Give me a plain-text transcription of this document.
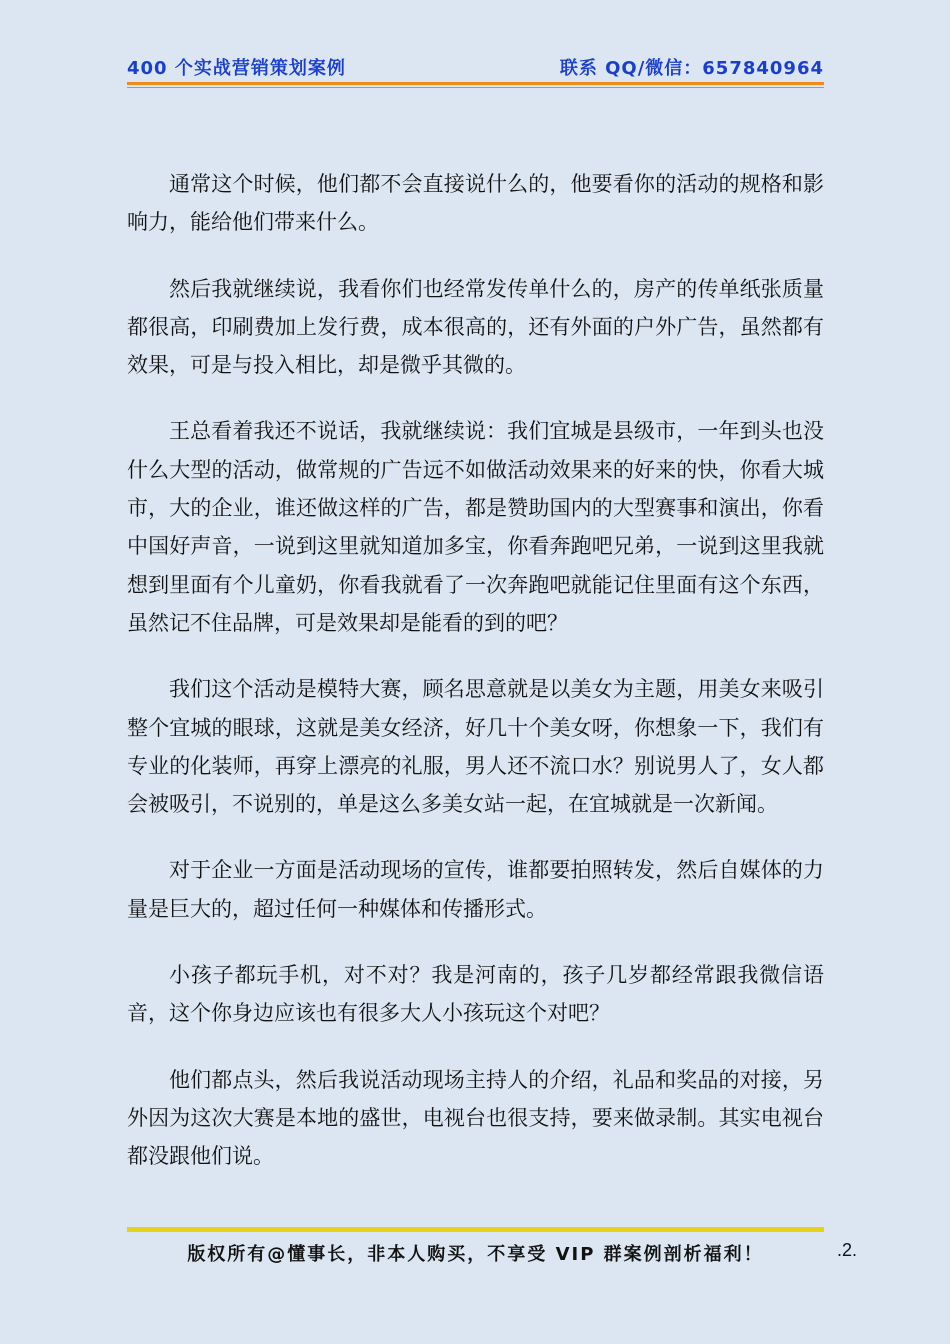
400 个实战营销策划案例	联系 QQ/微信：657840964

通常这个时候，他们都不会直接说什么的，他要看你的活动的规格和影响力，能给他们带来什么。

然后我就继续说，我看你们也经常发传单什么的，房产的传单纸张质量都很高，印刷费加上发行费，成本很高的，还有外面的户外广告，虽然都有效果，可是与投入相比，却是微乎其微的。

王总看着我还不说话，我就继续说：我们宜城是县级市，一年到头也没什么大型的活动，做常规的广告远不如做活动效果来的好来的快，你看大城市，大的企业，谁还做这样的广告，都是赞助国内的大型赛事和演出，你看中国好声音，一说到这里就知道加多宝，你看奔跑吧兄弟，一说到这里我就想到里面有个儿童奶，你看我就看了一次奔跑吧就能记住里面有这个东西，虽然记不住品牌，可是效果却是能看的到的吧？

我们这个活动是模特大赛，顾名思意就是以美女为主题，用美女来吸引整个宜城的眼球，这就是美女经济，好几十个美女呀，你想象一下，我们有专业的化装师，再穿上漂亮的礼服，男人还不流口水？别说男人了，女人都会被吸引，不说别的，单是这么多美女站一起，在宜城就是一次新闻。

对于企业一方面是活动现场的宣传，谁都要拍照转发，然后自媒体的力量是巨大的，超过任何一种媒体和传播形式。

小孩子都玩手机，对不对？我是河南的，孩子几岁都经常跟我微信语音，这个你身边应该也有很多大人小孩玩这个对吧？

他们都点头，然后我说活动现场主持人的介绍，礼品和奖品的对接，另外因为这次大赛是本地的盛世，电视台也很支持，要来做录制。其实电视台都没跟他们说。

版权所有@懂事长，非本人购买，不享受 VIP 群案例剖析福利！	.2.
